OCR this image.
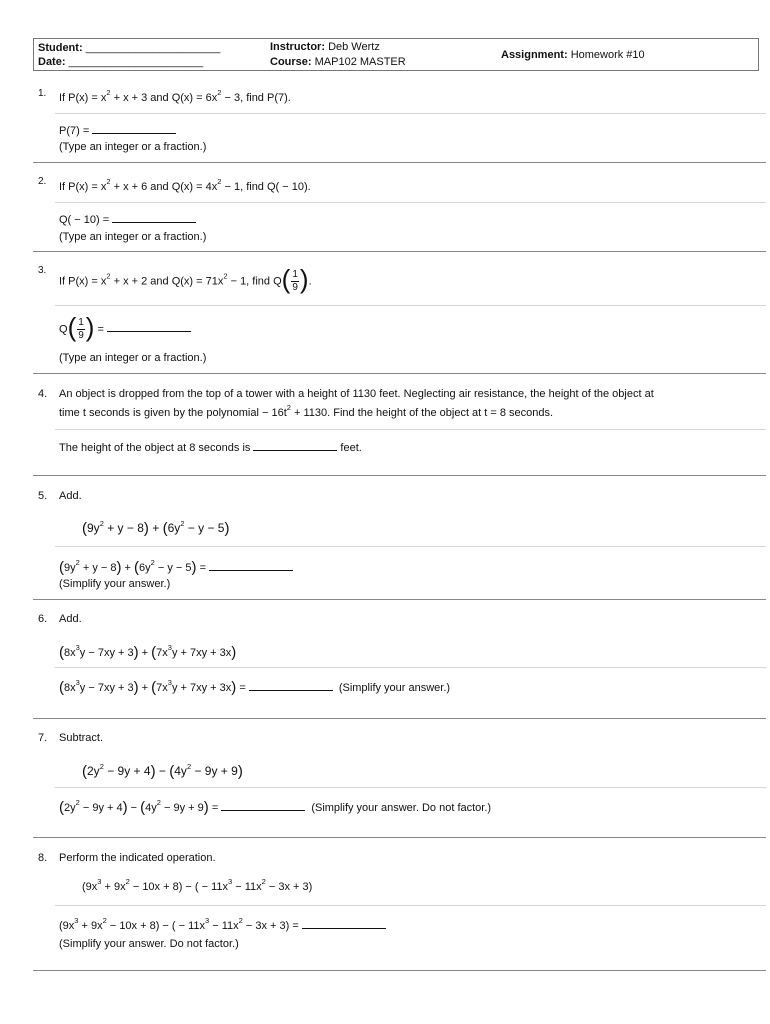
Student: ______________________
Date: ______________________
Instructor: Deb Wertz
Course: MAP102 MASTER
Assignment: Homework #10
1. If $P(x) = x^2 + x + 3$ and $Q(x) = 6x^2 - 3$, find P(7).
P(7) =
(Type an integer or a fraction.)
2. If $P(x) = x^2 + x + 6$ and $Q(x) = 4x^2 - 1$, find Q( − 10).
Q( − 10) =
(Type an integer or a fraction.)
3.
If $P(x) = x^2 + x + 2$ and $Q(x) = 71x^2 - 1$, find $Q( \frac{1}{9}$ ).
$Q( \frac{1}{9}$ ) =
(Type an integer or a fraction.)
4. An object is dropped from the top of a tower with a height of 1130 feet. Neglecting air resistance, the height of the object at
time t seconds is given by the polynomial − $16t^2 + 1130$. Find the height of the object at t = 8 seconds.
The height of the object at 8 seconds is	feet.
5. Add.
$(9y^2 + y - 8) + (6y^2 - y - 5)$
$(9y^2 + y - 8) + (6y^2 - y - 5)$ =
(Simplify your answer.)
6. Add.
$(8x^3y - 7xy + 3) + (7x^3y + 7xy + 3x)$
$(8x^3y - 7xy + 3) + (7x^3y + 7xy + 3x)$ =	(Simplify your answer.)
7. Subtract.
$(2y^2 - 9y + 4) - (4y^2 - 9y + 9)$
$(2y^2 - 9y + 4) - (4y^2 - 9y + 9)$ =	(Simplify your answer. Do not factor.)
8. Perform the indicated operation.
$(9x^3 + 9x^2 - 10x + 8)$ − ( − $11x^3 - 11x^2 - 3x + 3$)
$(9x^3 + 9x^2 - 10x + 8)$ − ( − $11x^3 - 11x^2 - 3x + 3$) =
(Simplify your answer. Do not factor.)
